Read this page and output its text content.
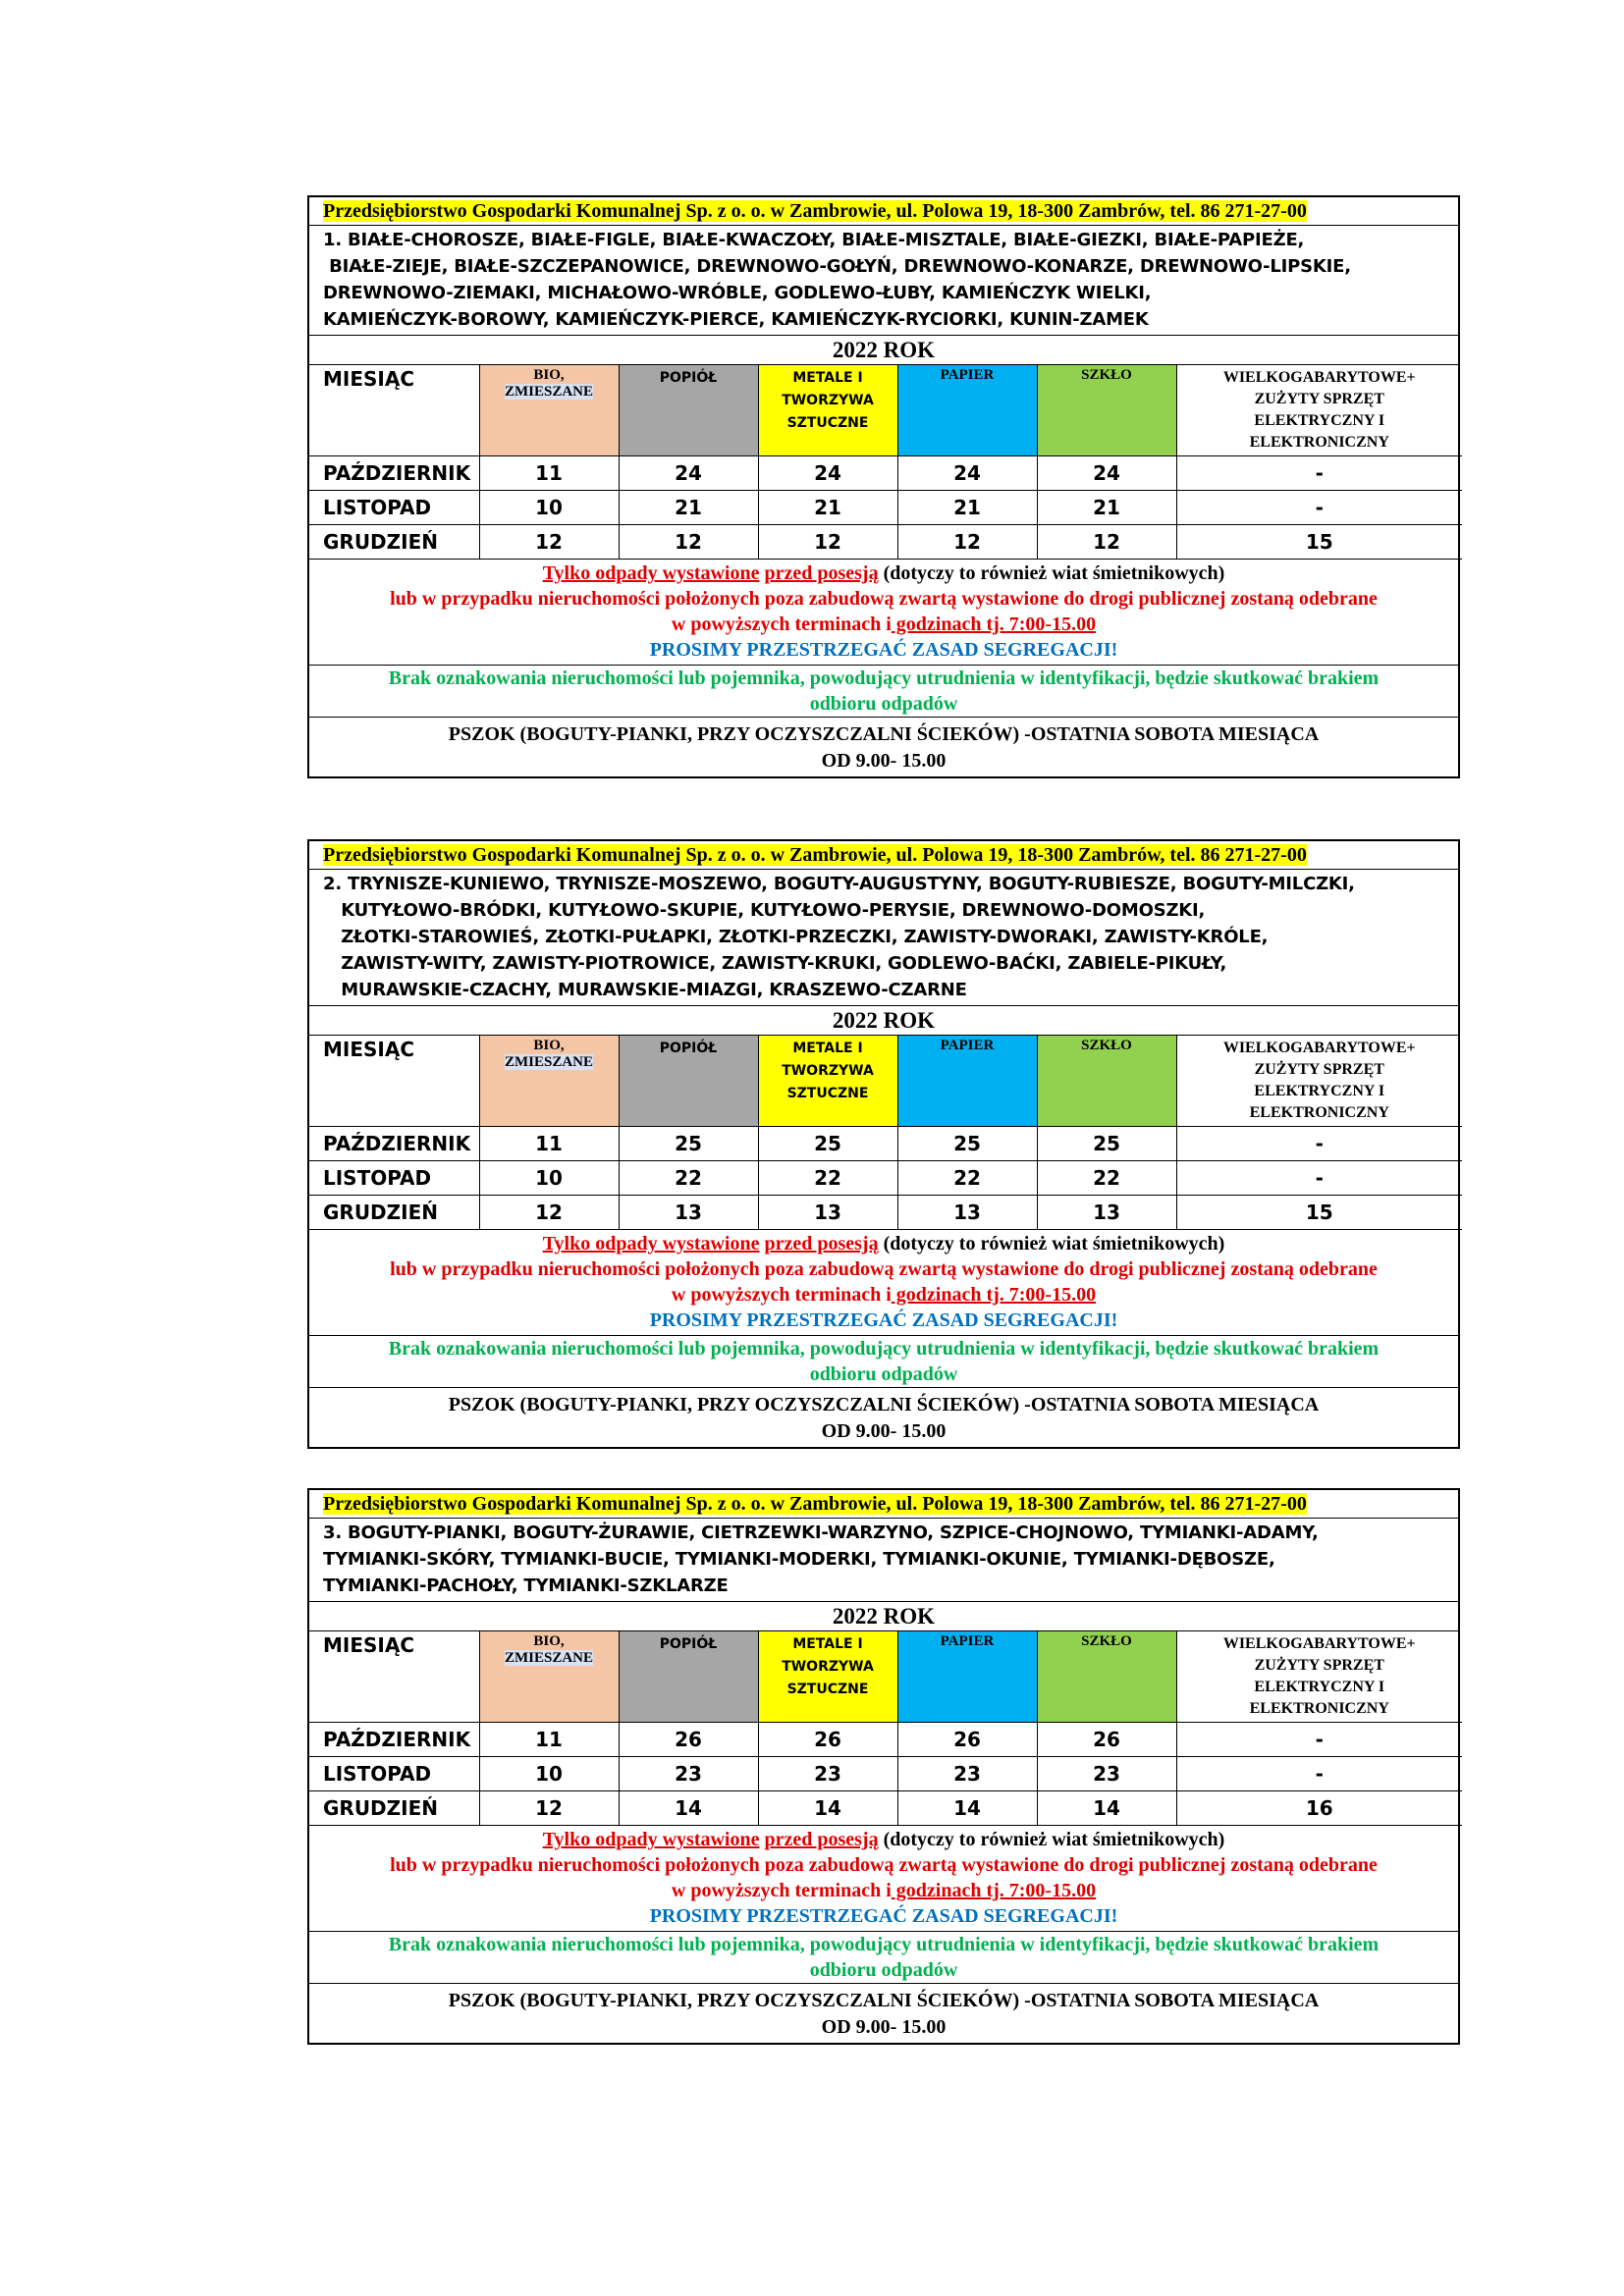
Przedsiębiorstwo Gospodarki Komunalnej Sp. z o. o. w Zambrowie, ul. Polowa 19, 18-300 Zambrów, tel. 86 271-27-00
1. BIAŁE-CHOROSZE, BIAŁE-FIGLE, BIAŁE-KWACZOŁY, BIAŁE-MISZTALE, BIAŁE-GIEZKI, BIAŁE-PAPIEŻE,
BIAŁE-ZIEJE, BIAŁE-SZCZEPANOWICE, DREWNOWO-GOŁYŃ, DREWNOWO-KONARZE, DREWNOWO-LIPSKIE,
DREWNOWO-ZIEMAKI, MICHAŁOWO-WRÓBLE, GODLEWO-ŁUBY, KAMIEŃCZYK WIELKI,
KAMIEŃCZYK-BOROWY, KAMIEŃCZYK-PIERCE, KAMIEŃCZYK-RYCIORKI, KUNIN-ZAMEK
2022 ROK
MIESIĄC	BIO,
ZMIESZANE	POPIÓŁ	METALE I
TWORZYWA
SZTUCZNE	PAPIER	SZKŁO	WIELKOGABARYTOWE+
ZUŻYTY SPRZĘT
ELEKTRYCZNY I
ELEKTRONICZNY
PAŹDZIERNIK	11	24	24	24	24	-
LISTOPAD	10	21	21	21	21	-
GRUDZIEŃ	12	12	12	12	12	15
Tylko odpady wystawione przed posesją (dotyczy to również wiat śmietnikowych)
lub w przypadku nieruchomości położonych poza zabudową zwartą wystawione do drogi publicznej zostaną odebrane
w powyższych terminach i godzinach tj. 7:00-15.00
PROSIMY PRZESTRZEGAĆ ZASAD SEGREGACJI!
Brak oznakowania nieruchomości lub pojemnika, powodujący utrudnienia w identyfikacji, będzie skutkować brakiem
odbioru odpadów
PSZOK (BOGUTY-PIANKI, PRZY OCZYSZCZALNI ŚCIEKÓW) -OSTATNIA SOBOTA MIESIĄCA
OD 9.00- 15.00
Przedsiębiorstwo Gospodarki Komunalnej Sp. z o. o. w Zambrowie, ul. Polowa 19, 18-300 Zambrów, tel. 86 271-27-00
2. TRYNISZE-KUNIEWO, TRYNISZE-MOSZEWO, BOGUTY-AUGUSTYNY, BOGUTY-RUBIESZE, BOGUTY-MILCZKI,
KUTYŁOWO-BRÓDKI, KUTYŁOWO-SKUPIE, KUTYŁOWO-PERYSIE, DREWNOWO-DOMOSZKI,
ZŁOTKI-STAROWIEŚ, ZŁOTKI-PUŁAPKI, ZŁOTKI-PRZECZKI, ZAWISTY-DWORAKI, ZAWISTY-KRÓLE,
ZAWISTY-WITY, ZAWISTY-PIOTROWICE, ZAWISTY-KRUKI, GODLEWO-BAĆKI, ZABIELE-PIKUŁY,
MURAWSKIE-CZACHY, MURAWSKIE-MIAZGI, KRASZEWO-CZARNE
2022 ROK
MIESIĄC	BIO,
ZMIESZANE	POPIÓŁ	METALE I
TWORZYWA
SZTUCZNE	PAPIER	SZKŁO	WIELKOGABARYTOWE+
ZUŻYTY SPRZĘT
ELEKTRYCZNY I
ELEKTRONICZNY
PAŹDZIERNIK	11	25	25	25	25	-
LISTOPAD	10	22	22	22	22	-
GRUDZIEŃ	12	13	13	13	13	15
Tylko odpady wystawione przed posesją (dotyczy to również wiat śmietnikowych)
lub w przypadku nieruchomości położonych poza zabudową zwartą wystawione do drogi publicznej zostaną odebrane
w powyższych terminach i godzinach tj. 7:00-15.00
PROSIMY PRZESTRZEGAĆ ZASAD SEGREGACJI!
Brak oznakowania nieruchomości lub pojemnika, powodujący utrudnienia w identyfikacji, będzie skutkować brakiem
odbioru odpadów
PSZOK (BOGUTY-PIANKI, PRZY OCZYSZCZALNI ŚCIEKÓW) -OSTATNIA SOBOTA MIESIĄCA
OD 9.00- 15.00
Przedsiębiorstwo Gospodarki Komunalnej Sp. z o. o. w Zambrowie, ul. Polowa 19, 18-300 Zambrów, tel. 86 271-27-00
3. BOGUTY-PIANKI, BOGUTY-ŻURAWIE, CIETRZEWKI-WARZYNO, SZPICE-CHOJNOWO, TYMIANKI-ADAMY,
TYMIANKI-SKÓRY, TYMIANKI-BUCIE, TYMIANKI-MODERKI, TYMIANKI-OKUNIE, TYMIANKI-DĘBOSZE,
TYMIANKI-PACHOŁY, TYMIANKI-SZKLARZE
2022 ROK
MIESIĄC	BIO,
ZMIESZANE	POPIÓŁ	METALE I
TWORZYWA
SZTUCZNE	PAPIER	SZKŁO	WIELKOGABARYTOWE+
ZUŻYTY SPRZĘT
ELEKTRYCZNY I
ELEKTRONICZNY
PAŹDZIERNIK	11	26	26	26	26	-
LISTOPAD	10	23	23	23	23	-
GRUDZIEŃ	12	14	14	14	14	16
Tylko odpady wystawione przed posesją (dotyczy to również wiat śmietnikowych)
lub w przypadku nieruchomości położonych poza zabudową zwartą wystawione do drogi publicznej zostaną odebrane
w powyższych terminach i godzinach tj. 7:00-15.00
PROSIMY PRZESTRZEGAĆ ZASAD SEGREGACJI!
Brak oznakowania nieruchomości lub pojemnika, powodujący utrudnienia w identyfikacji, będzie skutkować brakiem
odbioru odpadów
PSZOK (BOGUTY-PIANKI, PRZY OCZYSZCZALNI ŚCIEKÓW) -OSTATNIA SOBOTA MIESIĄCA
OD 9.00- 15.00
